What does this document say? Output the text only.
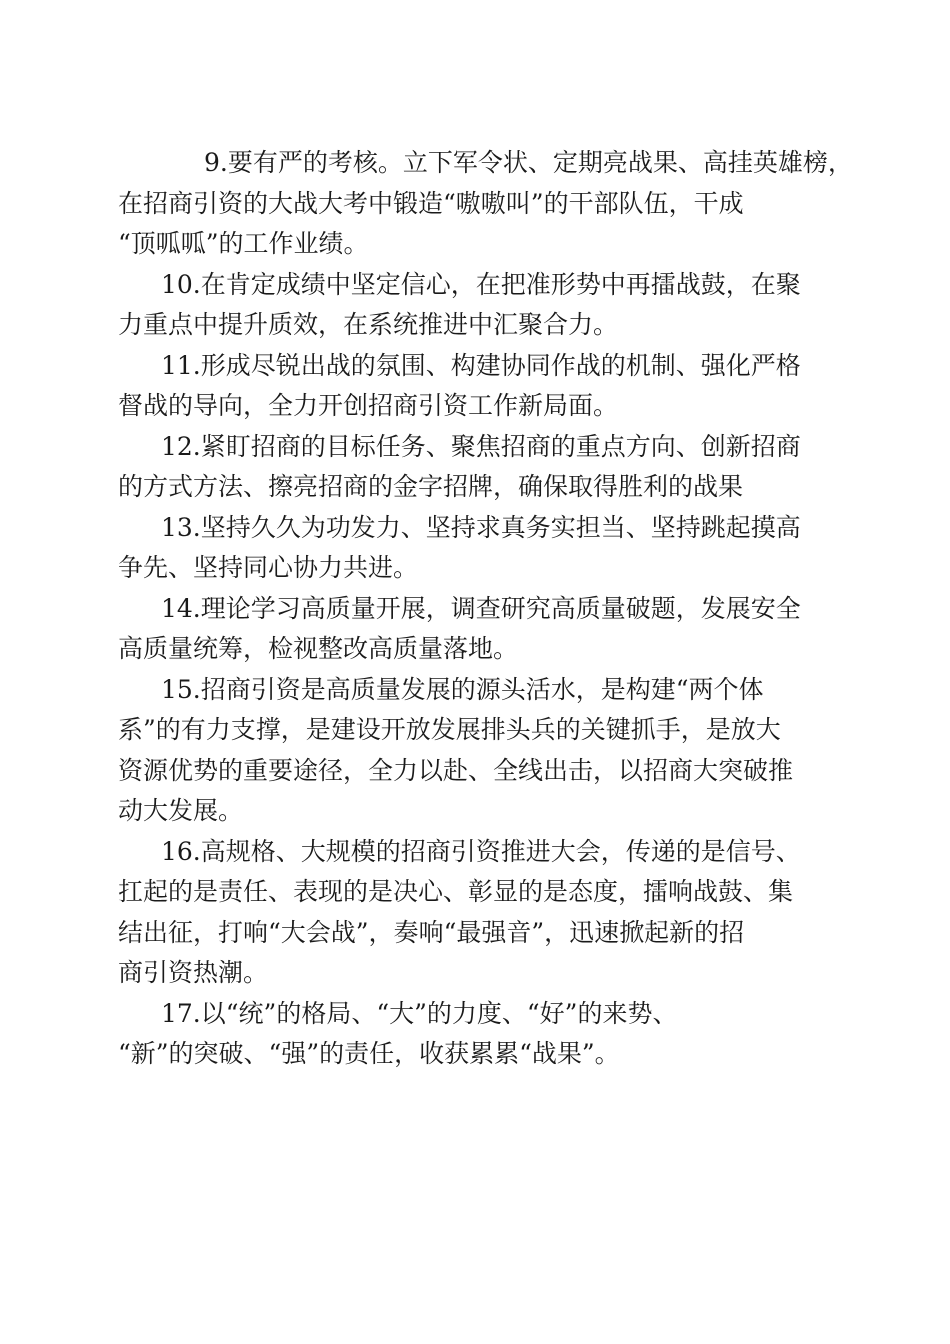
9.要有严的考核。立下军令状、定期亮战果、高挂英雄榜，
在招商引资的大战大考中锻造“嗷嗷叫”的干部队伍，干成
“顶呱呱”的工作业绩。

10.在肯定成绩中坚定信心，在把准形势中再擂战鼓，在聚
力重点中提升质效，在系统推进中汇聚合力。

11.形成尽锐出战的氛围、构建协同作战的机制、强化严格
督战的导向，全力开创招商引资工作新局面。

12.紧盯招商的目标任务、聚焦招商的重点方向、创新招商
的方式方法、擦亮招商的金字招牌，确保取得胜利的战果

13.坚持久久为功发力、坚持求真务实担当、坚持跳起摸高
争先、坚持同心协力共进。

14.理论学习高质量开展，调查研究高质量破题，发展安全
高质量统筹，检视整改高质量落地。

15.招商引资是高质量发展的源头活水，是构建“两个体
系”的有力支撑，是建设开放发展排头兵的关键抓手，是放大
资源优势的重要途径，全力以赴、全线出击，以招商大突破推
动大发展。

16.高规格、大规模的招商引资推进大会，传递的是信号、
扛起的是责任、表现的是决心、彰显的是态度，擂响战鼓、集
结出征，打响“大会战”，奏响“最强音”，迅速掀起新的招
商引资热潮。

17.以“统”的格局、“大”的力度、“好”的来势、
“新”的突破、“强”的责任，收获累累“战果”。
